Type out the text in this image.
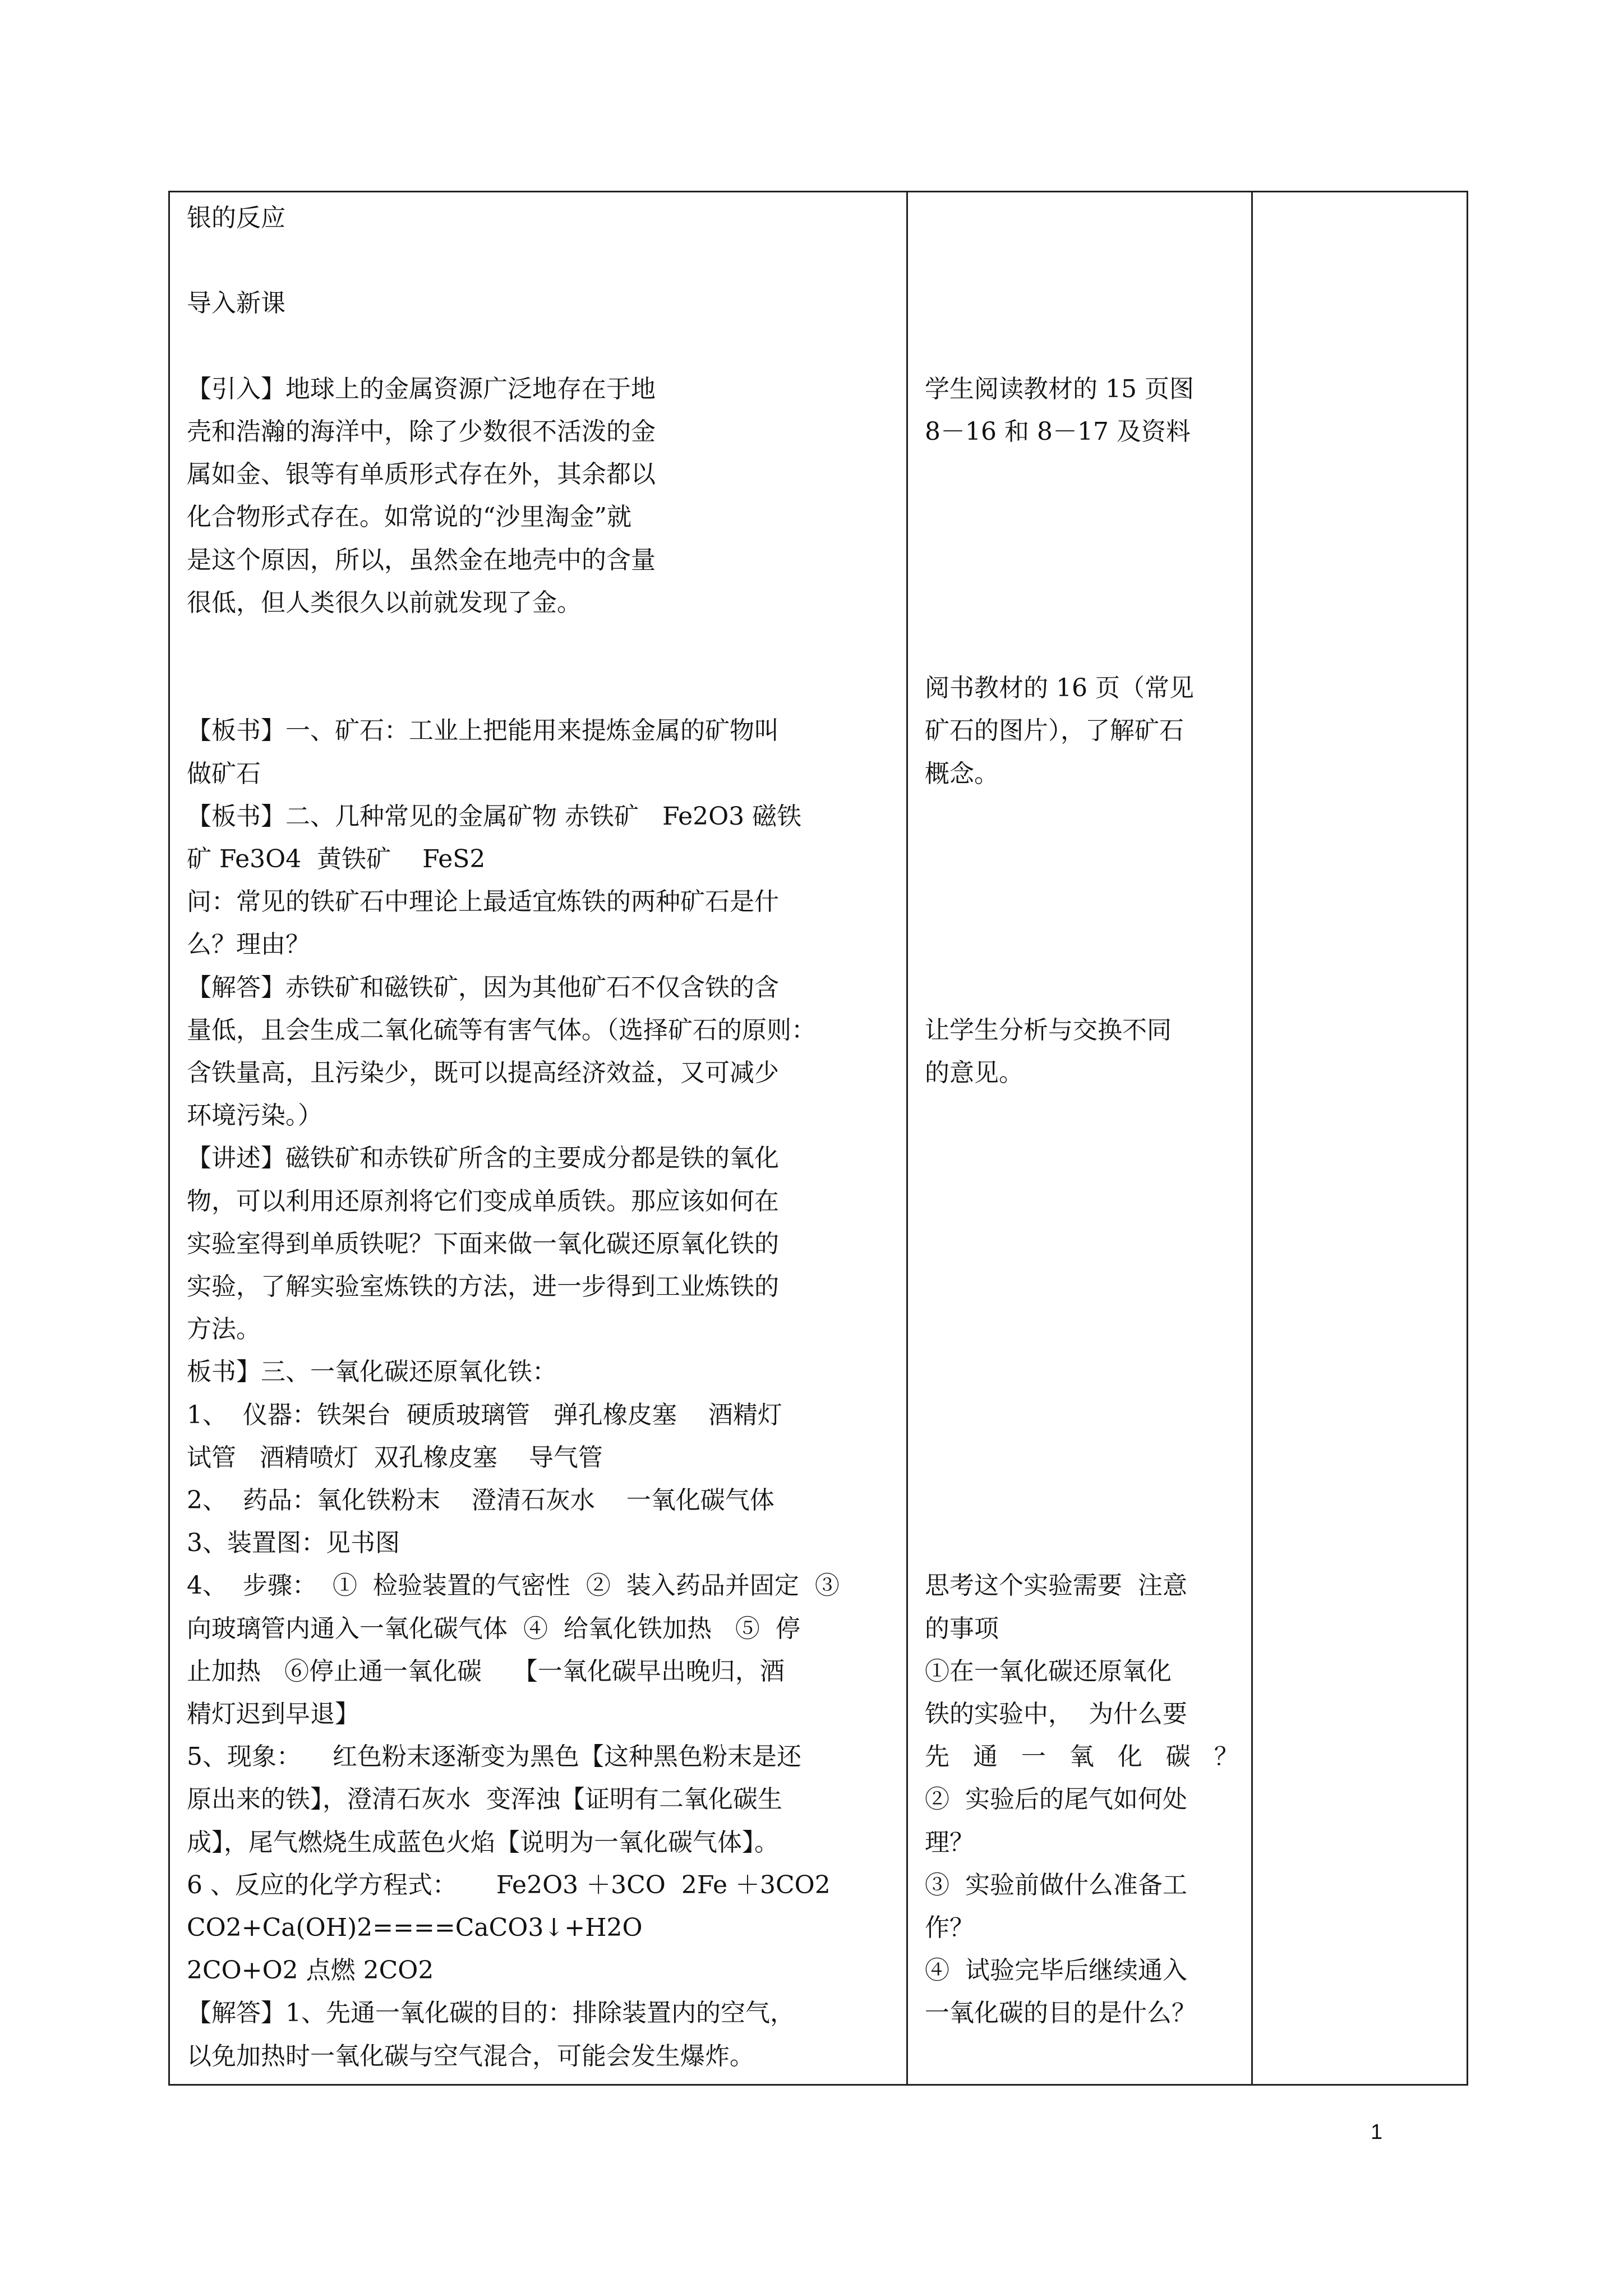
银的反应
导入新课
【引入】地球上的金属资源广泛地存在于地
壳和浩瀚的海洋中，除了少数很不活泼的金
属如金、银等有单质形式存在外，其余都以
化合物形式存在。如常说的“沙里淘金”就
是这个原因，所以，虽然金在地壳中的含量
很低，但人类很久以前就发现了金。
【板书】一、矿石：工业上把能用来提炼金属的矿物叫
做矿石
【板书】二、几种常见的金属矿物 赤铁矿   Fe2O3 磁铁
矿 Fe3O4  黄铁矿    FeS2
问：常见的铁矿石中理论上最适宜炼铁的两种矿石是什
么？理由？
【解答】赤铁矿和磁铁矿，因为其他矿石不仅含铁的含
量低，且会生成二氧化硫等有害气体。（选择矿石的原则：
含铁量高，且污染少，既可以提高经济效益，又可减少
环境污染。）
【讲述】磁铁矿和赤铁矿所含的主要成分都是铁的氧化
物，可以利用还原剂将它们变成单质铁。那应该如何在
实验室得到单质铁呢？下面来做一氧化碳还原氧化铁的
实验，了解实验室炼铁的方法，进一步得到工业炼铁的
方法。
板书】三、一氧化碳还原氧化铁：
1、  仪器：铁架台  硬质玻璃管   弹孔橡皮塞    酒精灯
试管   酒精喷灯  双孔橡皮塞    导气管
2、  药品：氧化铁粉末    澄清石灰水    一氧化碳气体
3、装置图：见书图
4、  步骤：  ①  检验装置的气密性  ②  装入药品并固定  ③
向玻璃管内通入一氧化碳气体  ④  给氧化铁加热   ⑤  停
止加热   ⑥停止通一氧化碳    【一氧化碳早出晚归，酒
精灯迟到早退】
5、现象：    红色粉末逐渐变为黑色【这种黑色粉末是还
原出来的铁】，澄清石灰水  变浑浊【证明有二氧化碳生
成】，尾气燃烧生成蓝色火焰【说明为一氧化碳气体】。
6 、反应的化学方程式：     Fe2O3 ＋3CO  2Fe ＋3CO2
CO2+Ca(OH)2====CaCO3↓+H2O
2CO+O2 点燃 2CO2
【解答】1、先通一氧化碳的目的：排除装置内的空气，
以免加热时一氧化碳与空气混合，可能会发生爆炸。
学生阅读教材的 15 页图
8－16 和 8－17 及资料
阅书教材的 16 页（常见
矿石的图片），了解矿石
概念。
让学生分析与交换不同
的意见。
思考这个实验需要  注意
的事项
①在一氧化碳还原氧化
铁的实验中，  为什么要
先   通   一   氧   化   碳   ？
②  实验后的尾气如何处
理？
③  实验前做什么准备工
作？
④  试验完毕后继续通入
一氧化碳的目的是什么？
1
